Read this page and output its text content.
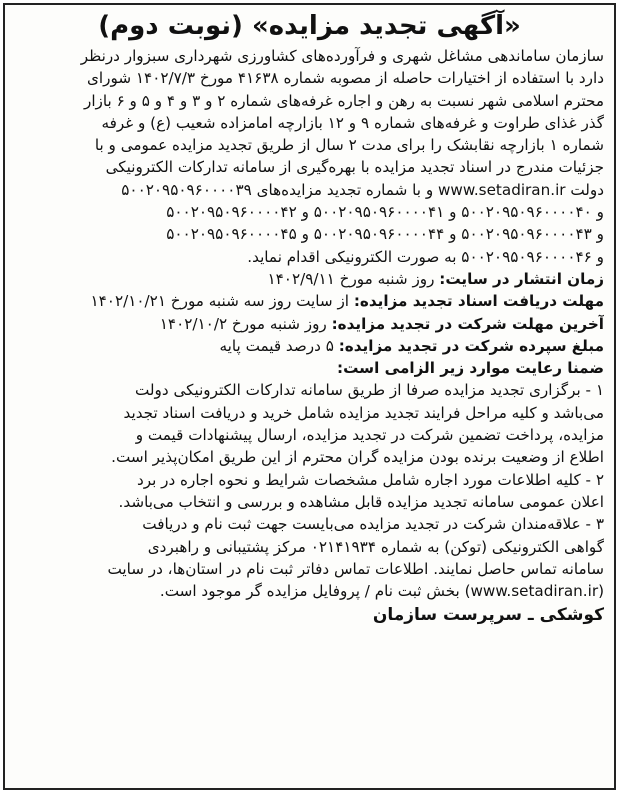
«آگهی تجدید مزایده» (نوبت دوم)
سازمان ساماندهی مشاغل شهری و فرآورده‌های کشاورزی شهرداری سبزوار درنظر
دارد با استفاده از اختیارات حاصله از مصوبه شماره ۴۱۶۳۸ مورخ ۱۴۰۲/۷/۳ شورای
محترم اسلامی شهر نسبت به رهن و اجاره غرفه‌های شماره ۲ و ۳ و ۴ و ۵ و ۶ بازار
گذر غذای طراوت و غرفه‌های شماره ۹ و ۱۲ بازارچه امامزاده شعیب (ع) و غرفه
شماره ۱ بازارچه نقابشک را برای مدت ۲ سال از طریق تجدید مزایده عمومی و با
جزئیات مندرج در اسناد تجدید مزایده با بهره‌گیری از سامانه تدارکات الکترونیکی
دولت www.setadiran.ir و با شماره تجدید مزایده‌های ۵۰۰۲۰۹۵۰۹۶۰۰۰۰۳۹
و ۵۰۰۲۰۹۵۰۹۶۰۰۰۰۴۰ و ۵۰۰۲۰۹۵۰۹۶۰۰۰۰۴۱ و ۵۰۰۲۰۹۵۰۹۶۰۰۰۰۴۲
و ۵۰۰۲۰۹۵۰۹۶۰۰۰۰۴۳ و ۵۰۰۲۰۹۵۰۹۶۰۰۰۰۴۴ و ۵۰۰۲۰۹۵۰۹۶۰۰۰۰۴۵
و ۵۰۰۲۰۹۵۰۹۶۰۰۰۰۴۶ به صورت الکترونیکی اقدام نماید.
زمان انتشار در سایت: روز شنبه مورخ ۱۴۰۲/۹/۱۱
مهلت دریافت اسناد تجدید مزایده: از سایت روز سه شنبه مورخ ۱۴۰۲/۱۰/۲۱
آخرین مهلت شرکت در تجدید مزایده: روز شنبه مورخ ۱۴۰۲/۱۰/۲
مبلغ سپرده شرکت در تجدید مزایده: ۵ درصد قیمت پایه
ضمنا رعایت موارد زیر الزامی است:
۱ - برگزاری تجدید مزایده صرفا از طریق سامانه تدارکات الکترونیکی دولت
می‌باشد و کلیه مراحل فرایند تجدید مزایده شامل خرید و دریافت اسناد تجدید
مزایده، پرداخت تضمین شرکت در تجدید مزایده، ارسال پیشنهادات قیمت و
اطلاع از وضعیت برنده بودن مزایده گران محترم از این طریق امکان‌پذیر است.
۲ - کلیه اطلاعات مورد اجاره شامل مشخصات شرایط و نحوه اجاره در برد
اعلان عمومی سامانه تجدید مزایده قابل مشاهده و بررسی و انتخاب می‌باشد.
۳ - علاقه‌مندان شرکت در تجدید مزایده می‌بایست جهت ثبت نام و دریافت
گواهی الکترونیکی (توکن) به شماره ۰۲۱۴۱۹۳۴ مرکز پشتیبانی و راهبردی
سامانه تماس حاصل نمایند. اطلاعات تماس دفاتر ثبت نام در استان‌ها، در سایت
(www.setadiran.ir) بخش ثبت نام / پروفایل مزایده گر موجود است.
کوشکی ـ سرپرست سازمان
